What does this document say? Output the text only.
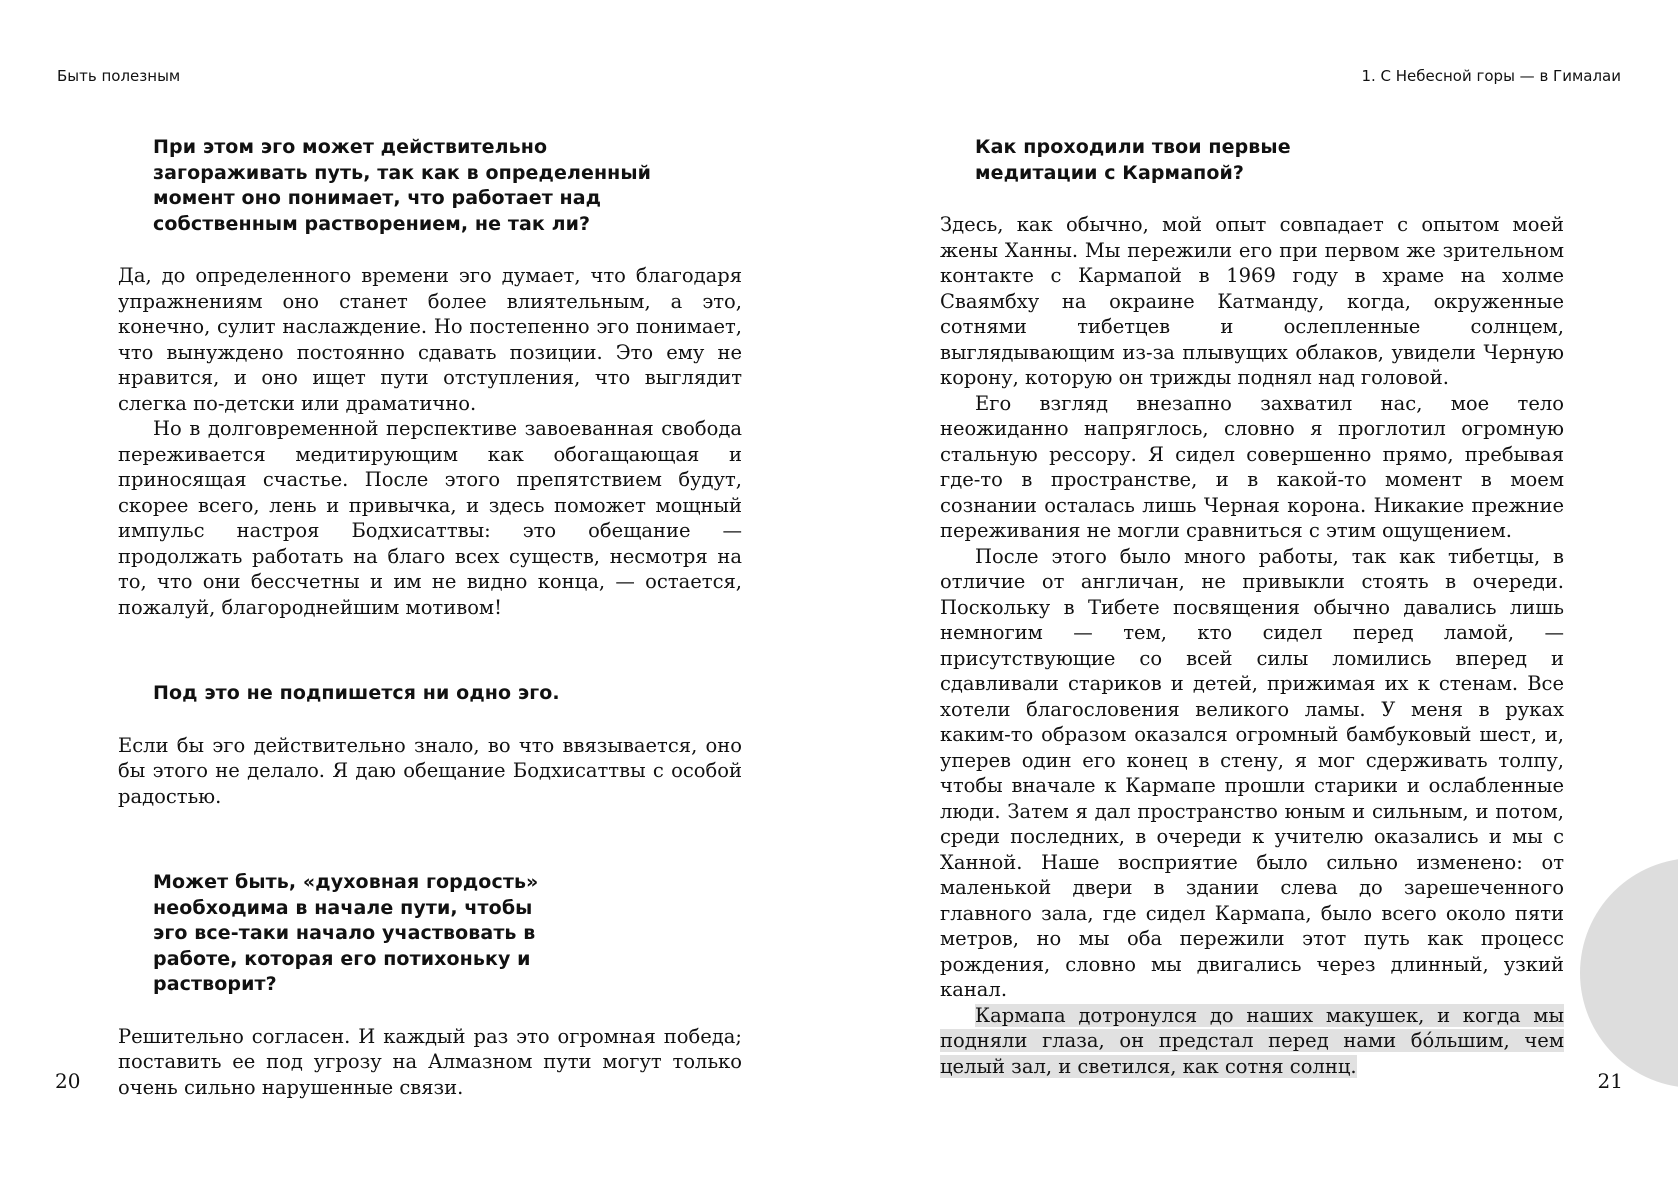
Быть полезным

При этом эго может действительно загораживать путь, так как в определенный момент оно понимает, что работает над собственным растворением, не так ли?

Да, до определенного времени эго думает, что благодаря упражнениям оно станет более влиятельным, а это, конечно, сулит наслаждение. Но постепенно эго понимает, что вынуждено постоянно сдавать позиции. Это ему не нравится, и оно ищет пути отступления, что выглядит слегка по-детски или драматично.

Но в долговременной перспективе завоеванная свобода переживается медитирующим как обогащающая и приносящая счастье. После этого препятствием будут, скорее всего, лень и привычка, и здесь поможет мощный импульс настроя Бодхисаттвы: это обещание — продолжать работать на благо всех существ, несмотря на то, что они бессчетны и им не видно конца, — остается, пожалуй, благороднейшим мотивом!

Под это не подпишется ни одно эго.

Если бы эго действительно знало, во что ввязывается, оно бы этого не делало. Я даю обещание Бодхисаттвы с особой радостью.

Может быть, «духовная гордость» необходима в начале пути, чтобы эго все-таки начало участвовать в работе, которая его потихоньку и растворит?

Решительно согласен. И каждый раз это огромная победа; поставить ее под угрозу на Алмазном пути могут только очень сильно нарушенные связи.

20
1. С Небесной горы — в Гималаи

Как проходили твои первые медитации с Кармапой?

Здесь, как обычно, мой опыт совпадает с опытом моей жены Ханны. Мы пережили его при первом же зрительном контакте с Кармапой в 1969 году в храме на холме Сваямбху на окраине Катманду, когда, окруженные сотнями тибетцев и ослепленные солнцем, выглядывающим из-за плывущих облаков, увидели Черную корону, которую он трижды поднял над головой.

Его взгляд внезапно захватил нас, мое тело неожиданно напряглось, словно я проглотил огромную стальную рессору. Я сидел совершенно прямо, пребывая где-то в пространстве, и в какой-то момент в моем сознании осталась лишь Черная корона. Никакие прежние переживания не могли сравниться с этим ощущением.

После этого было много работы, так как тибетцы, в отличие от англичан, не привыкли стоять в очереди. Поскольку в Тибете посвящения обычно давались лишь немногим — тем, кто сидел перед ламой, — присутствующие со всей силы ломились вперед и сдавливали стариков и детей, прижимая их к стенам. Все хотели благословения великого ламы. У меня в руках каким-то образом оказался огромный бамбуковый шест, и, уперев один его конец в стену, я мог сдерживать толпу, чтобы вначале к Кармапе прошли старики и ослабленные люди. Затем я дал пространство юным и сильным, и потом, среди последних, в очереди к учителю оказались и мы с Ханной. Наше восприятие было сильно изменено: от маленькой двери в здании слева до зарешеченного главного зала, где сидел Кармапа, было всего около пяти метров, но мы оба пережили этот путь как процесс рождения, словно мы двигались через длинный, узкий канал.

Кармапа дотронулся до наших макушек, и когда мы подняли глаза, он предстал перед нами бо́льшим, чем целый зал, и светился, как сотня солнц.

21
